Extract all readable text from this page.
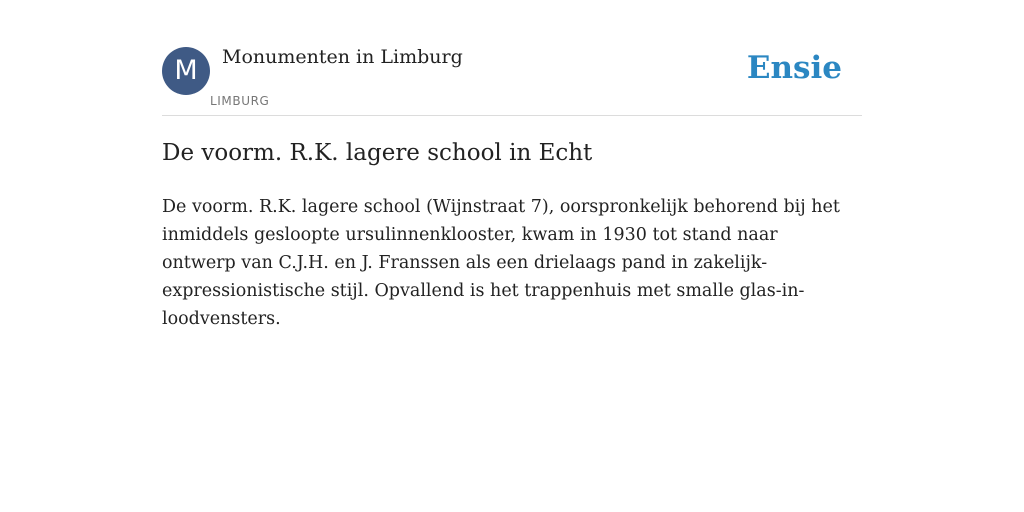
M	Monumenten in Limburg
LIMBURG
Ensie
De voorm. R.K. lagere school in Echt

De voorm. R.K. lagere school (Wijnstraat 7), oorspronkelijk behorend bij het inmiddels gesloopte ursulinnenklooster, kwam in 1930 tot stand naar ontwerp van C.J.H. en J. Franssen als een drielaags pand in zakelijk-expressionistische stijl. Opvallend is het trappenhuis met smalle glas-in-loodvensters.
